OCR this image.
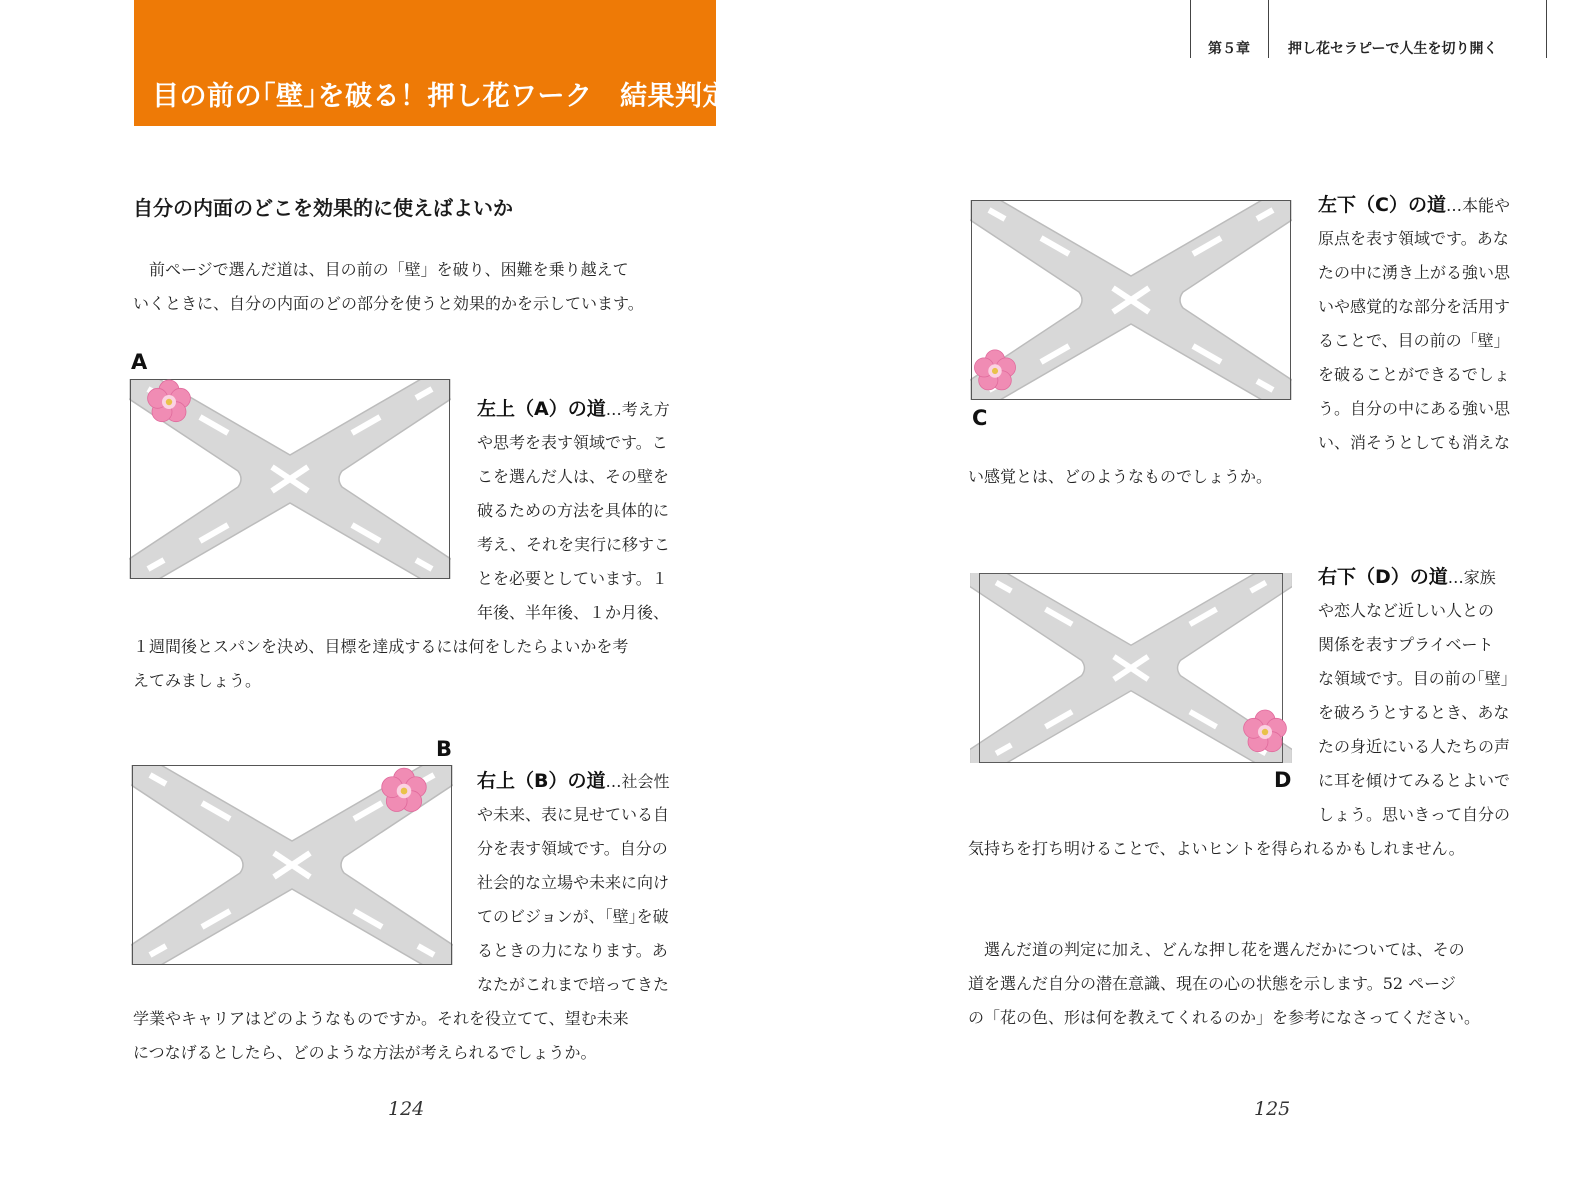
目の前の｢壁｣を破る！押し花ワーク　結果判定
自分の内面のどこを効果的に使えばよいか
　前ページで選んだ道は、目の前の「壁」を破り、困難を乗り越えて
いくときに、自分の内面のどの部分を使うと効果的かを示しています。
A
左上（A）の道…考え方
や思考を表す領域です。こ
こを選んだ人は、その壁を
破るための方法を具体的に
考え、それを実行に移すこ
とを必要としています。１
年後、半年後、１か月後、
１週間後とスパンを決め、目標を達成するには何をしたらよいかを考
えてみましょう。
B
右上（B）の道…社会性
や未来、表に見せている自
分を表す領域です。自分の
社会的な立場や未来に向け
てのビジョンが、｢壁｣を破
るときの力になります。あ
なたがこれまで培ってきた
学業やキャリアはどのようなものですか。それを役立てて、望む未来
につなげるとしたら、どのような方法が考えられるでしょうか。
124
第５章	押し花セラピーで人生を切り開く
C
左下（C）の道…本能や
原点を表す領域です。あな
たの中に湧き上がる強い思
いや感覚的な部分を活用す
ることで、目の前の「壁」
を破ることができるでしょ
う。自分の中にある強い思
い、消そうとしても消えな
い感覚とは、どのようなものでしょうか。
D
右下（D）の道…家族
や恋人など近しい人との
関係を表すプライベート
な領域です。目の前の｢壁｣
を破ろうとするとき、あな
たの身近にいる人たちの声
に耳を傾けてみるとよいで
しょう。思いきって自分の
気持ちを打ち明けることで、よいヒントを得られるかもしれません。
　選んだ道の判定に加え、どんな押し花を選んだかについては、その
道を選んだ自分の潜在意識、現在の心の状態を示します。52 ページ
の「花の色、形は何を教えてくれるのか」を参考になさってください。
125
